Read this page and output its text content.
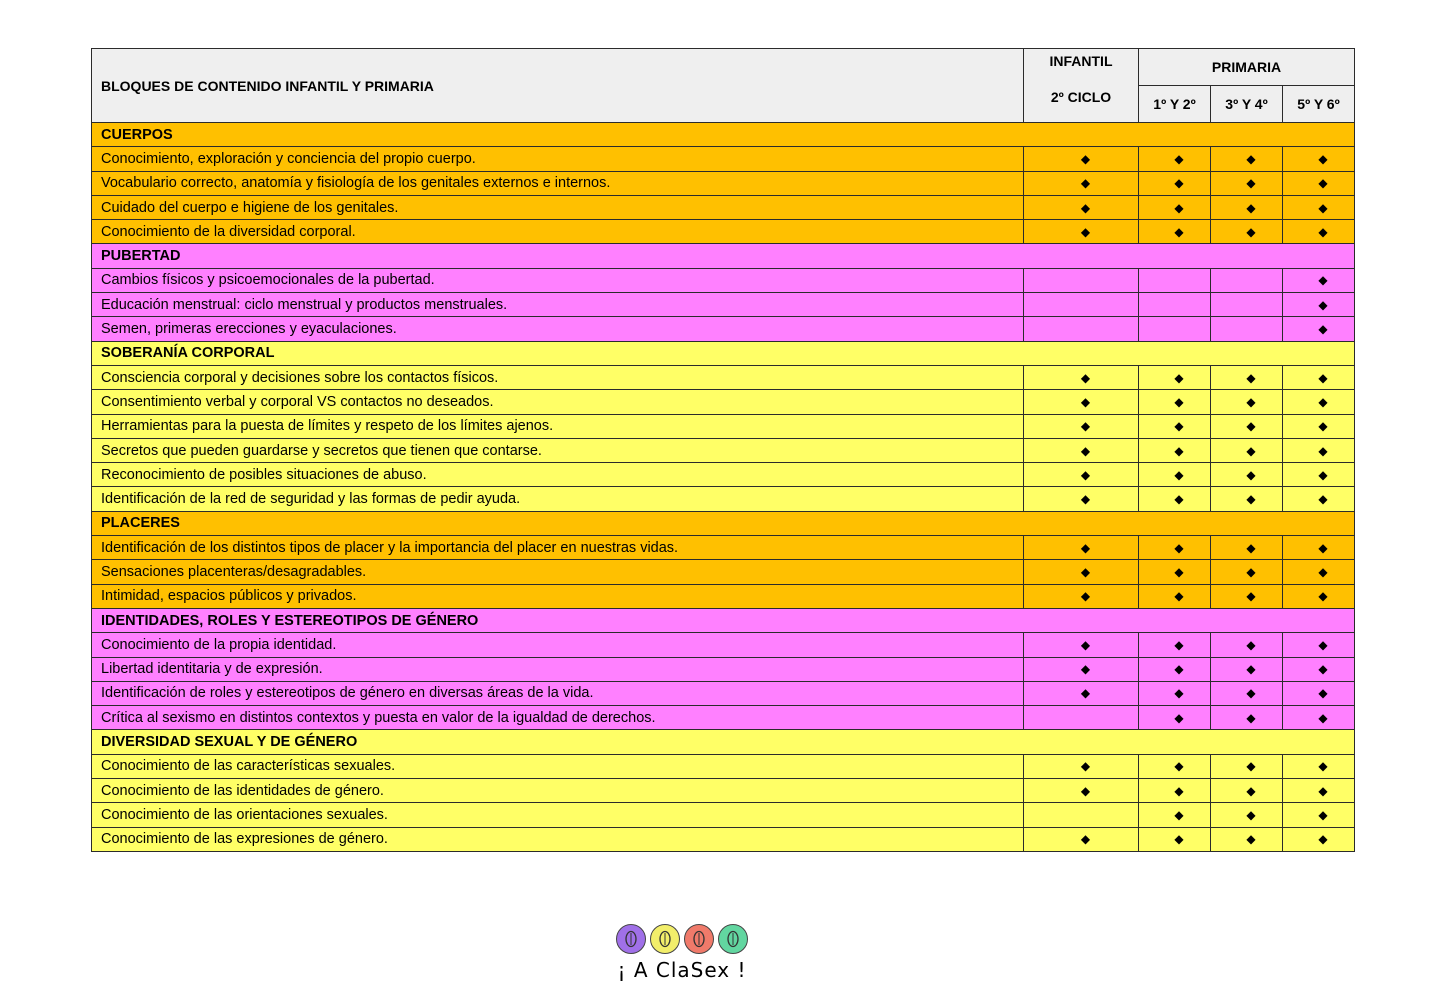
BLOQUES DE CONTENIDO INFANTIL Y PRIMARIA	INFANTIL
2º CICLO	PRIMARIA		
		1º Y 2º	3º Y 4º	5º Y 6º
CUERPOS				
Conocimiento, exploración y conciencia del propio cuerpo.	◆	◆	◆	◆
Vocabulario correcto, anatomía y fisiología de los genitales externos e internos.	◆	◆	◆	◆
Cuidado del cuerpo e higiene de los genitales.	◆	◆	◆	◆
Conocimiento de la diversidad corporal.	◆	◆	◆	◆
PUBERTAD				
Cambios físicos y psicoemocionales de la pubertad.				◆
Educación menstrual: ciclo menstrual y productos menstruales.				◆
Semen, primeras erecciones y eyaculaciones.				◆
SOBERANÍA CORPORAL				
Consciencia corporal y decisiones sobre los contactos físicos.	◆	◆	◆	◆
Consentimiento verbal y corporal VS contactos no deseados.	◆	◆	◆	◆
Herramientas para la puesta de límites y respeto de los límites ajenos.	◆	◆	◆	◆
Secretos que pueden guardarse y secretos que tienen que contarse.	◆	◆	◆	◆
Reconocimiento de posibles situaciones de abuso.	◆	◆	◆	◆
Identificación de la red de seguridad y las formas de pedir ayuda.	◆	◆	◆	◆
PLACERES				
Identificación de los distintos tipos de placer y la importancia del placer en nuestras vidas.	◆	◆	◆	◆
Sensaciones placenteras/desagradables.	◆	◆	◆	◆
Intimidad, espacios públicos y privados.	◆	◆	◆	◆
IDENTIDADES, ROLES Y ESTEREOTIPOS DE GÉNERO				
Conocimiento de la propia identidad.	◆	◆	◆	◆
Libertad identitaria y de expresión.	◆	◆	◆	◆
Identificación de roles y estereotipos de género en diversas áreas de la vida.	◆	◆	◆	◆
Crítica al sexismo en distintos contextos y puesta en valor de la igualdad de derechos.		◆	◆	◆
DIVERSIDAD SEXUAL Y DE GÉNERO				
Conocimiento de las características sexuales.	◆	◆	◆	◆
Conocimiento de las identidades de género.	◆	◆	◆	◆
Conocimiento de las orientaciones sexuales.		◆	◆	◆
Conocimiento de las expresiones de género.	◆	◆	◆	◆
¡ A ClaSex !
